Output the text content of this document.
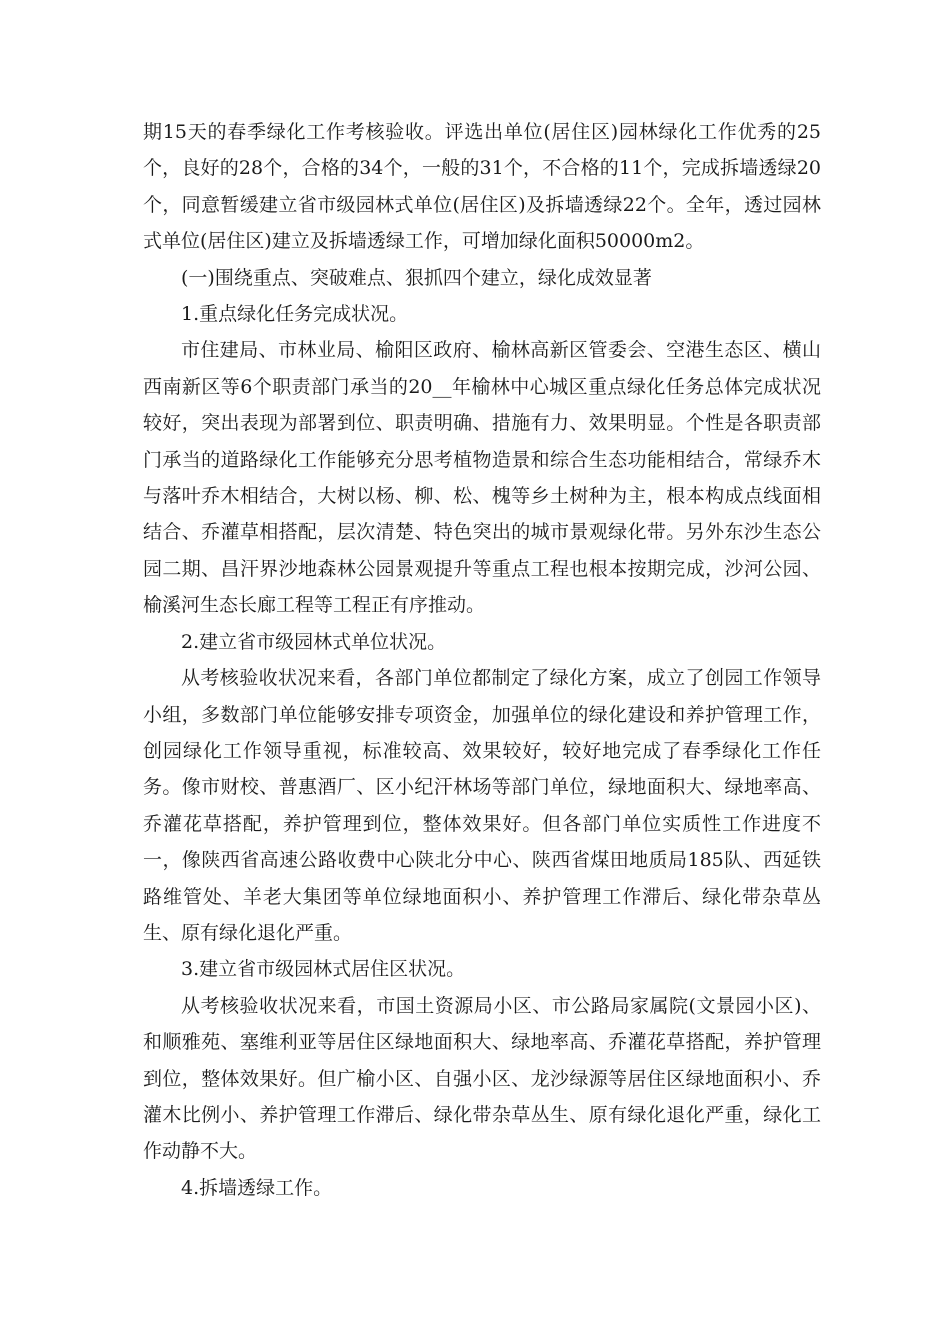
期15天的春季绿化工作考核验收。评选出单位(居住区)园林绿化工作优秀的25个，良好的28个，合格的34个，一般的31个，不合格的11个，完成拆墙透绿20个，同意暂缓建立省市级园林式单位(居住区)及拆墙透绿22个。全年，透过园林式单位(居住区)建立及拆墙透绿工作，可增加绿化面积50000m2。

(一)围绕重点、突破难点、狠抓四个建立，绿化成效显著

1.重点绿化任务完成状况。

市住建局、市林业局、榆阳区政府、榆林高新区管委会、空港生态区、横山西南新区等6个职责部门承当的20__年榆林中心城区重点绿化任务总体完成状况较好，突出表现为部署到位、职责明确、措施有力、效果明显。个性是各职责部门承当的道路绿化工作能够充分思考植物造景和综合生态功能相结合，常绿乔木与落叶乔木相结合，大树以杨、柳、松、槐等乡土树种为主，根本构成点线面相结合、乔灌草相搭配，层次清楚、特色突出的城市景观绿化带。另外东沙生态公园二期、昌汗界沙地森林公园景观提升等重点工程也根本按期完成，沙河公园、榆溪河生态长廊工程等工程正有序推动。

2.建立省市级园林式单位状况。

从考核验收状况来看，各部门单位都制定了绿化方案，成立了创园工作领导小组，多数部门单位能够安排专项资金，加强单位的绿化建设和养护管理工作，创园绿化工作领导重视，标准较高、效果较好，较好地完成了春季绿化工作任务。像市财校、普惠酒厂、区小纪汗林场等部门单位，绿地面积大、绿地率高、乔灌花草搭配，养护管理到位，整体效果好。但各部门单位实质性工作进度不一，像陕西省高速公路收费中心陕北分中心、陕西省煤田地质局185队、西延铁路维管处、羊老大集团等单位绿地面积小、养护管理工作滞后、绿化带杂草丛生、原有绿化退化严重。

3.建立省市级园林式居住区状况。

从考核验收状况来看，市国土资源局小区、市公路局家属院(文景园小区)、和顺雅苑、塞维利亚等居住区绿地面积大、绿地率高、乔灌花草搭配，养护管理到位，整体效果好。但广榆小区、自强小区、龙沙绿源等居住区绿地面积小、乔灌木比例小、养护管理工作滞后、绿化带杂草丛生、原有绿化退化严重，绿化工作动静不大。

4.拆墙透绿工作。
